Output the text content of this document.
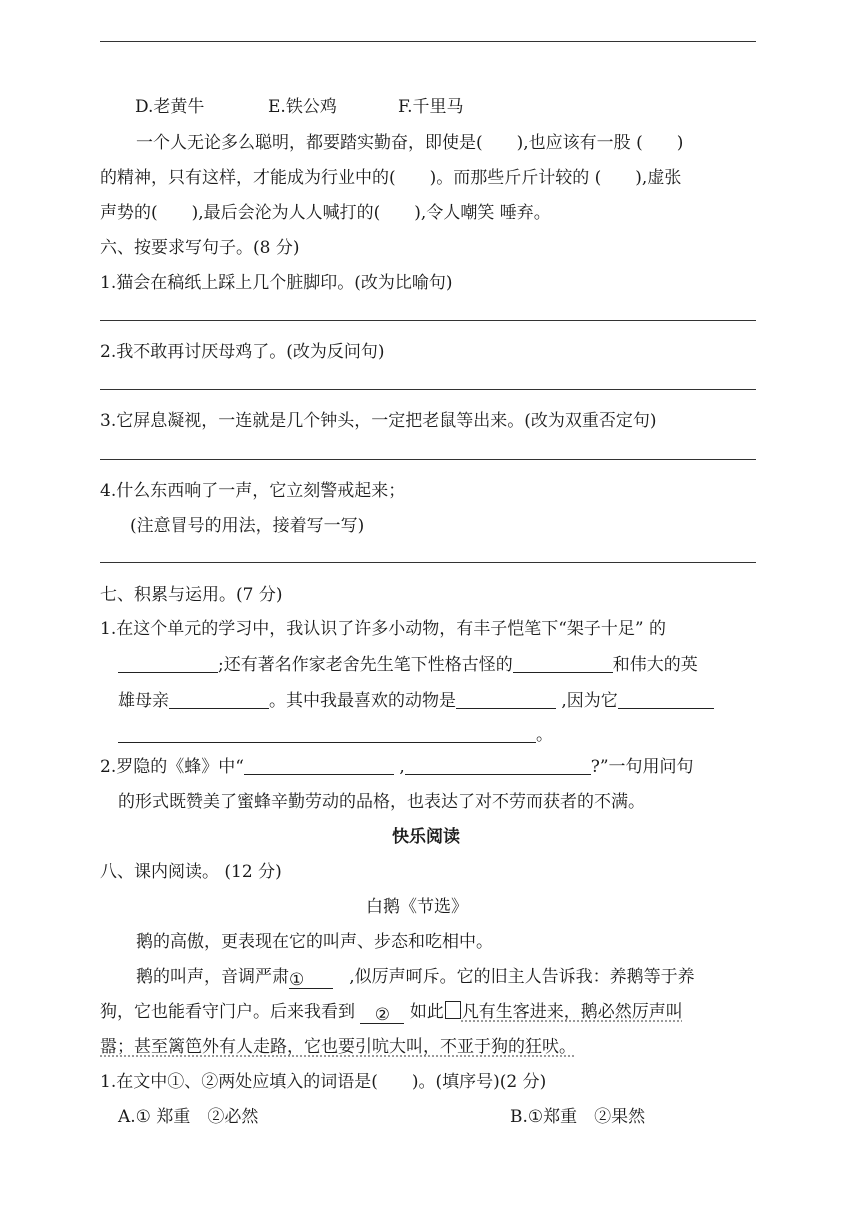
D.老黄牛	E.铁公鸡	F.千里马
一个人无论多么聪明，都要踏实勤奋，即使是(　　),也应该有一股 (　　)
的精神，只有这样，才能成为行业中的(　　)。而那些斤斤计较的 (　　),虚张
声势的(　　),最后会沦为人人喊打的(　　),令人嘲笑 唾弃。
六、按要求写句子。(8 分)
1.猫会在稿纸上踩上几个脏脚印。(改为比喻句)
2.我不敢再讨厌母鸡了。(改为反问句)
3.它屏息凝视，一连就是几个钟头，一定把老鼠等出来。(改为双重否定句)
4.什么东西响了一声，它立刻警戒起来；
(注意冒号的用法，接着写一写)
七、积累与运用。(7 分)
1.在这个单元的学习中，我认识了许多小动物，有丰子恺笔下“架子十足” 的
;还有著名作家老舍先生笔下性格古怪的	和伟大的英
雄母亲	。其中我最喜欢的动物是	,因为它
。
2.罗隐的《蜂》中“	,	?”一句用问句
的形式既赞美了蜜蜂辛勤劳动的品格，也表达了对不劳而获者的不满。
快乐阅读
八、课内阅读。 (12 分)
白鹅《节选》
鹅的高傲，更表现在它的叫声、步态和吃相中。
鹅的叫声，音调严肃①	,似厉声呵斥。它的旧主人告诉我：养鹅等于养
狗，它也能看守门户。后来我看到 ② 如此 凡有生客进来，鹅必然厉声叫
嚣；甚至篱笆外有人走路，它也要引吭大叫，不亚于狗的狂吠。
1.在文中①、②两处应填入的词语是(　　)。(填序号)(2 分)
A.① 郑重　②必然	B.①郑重　②果然
